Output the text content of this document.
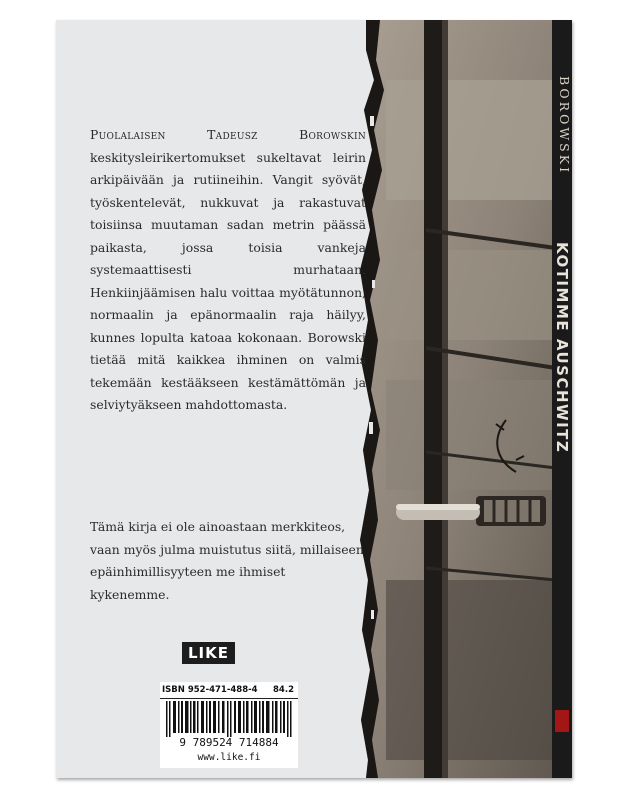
BOROWSKI
KOTIMME AUSCHWITZ

Puolalaisen Tadeusz Borowskin keskitysleirikertomukset sukeltavat leirin arkipäivään ja rutiineihin. Vangit syövät, työskentelevät, nukkuvat ja rakastuvat toisiinsa muutaman sadan metrin päässä paikasta, jossa toisia vankeja systemaattisesti murhataan. Henkiinjäämisen halu voittaa myötätunnon, normaalin ja epänormaalin raja häilyy, kunnes lopulta katoaa kokonaan. Borowski tietää mitä kaikkea ihminen on valmis tekemään kestääkseen kestämättömän ja selviytyäkseen mahdottomasta.

Tämä kirja ei ole ainoastaan merkkiteos, vaan myös julma muistutus siitä, millaiseen epäinhimillisyyteen me ihmiset kykenemme.
LIKE
ISBN 952-471-488-4 84.2
9 789524 714884
www.like.fi
